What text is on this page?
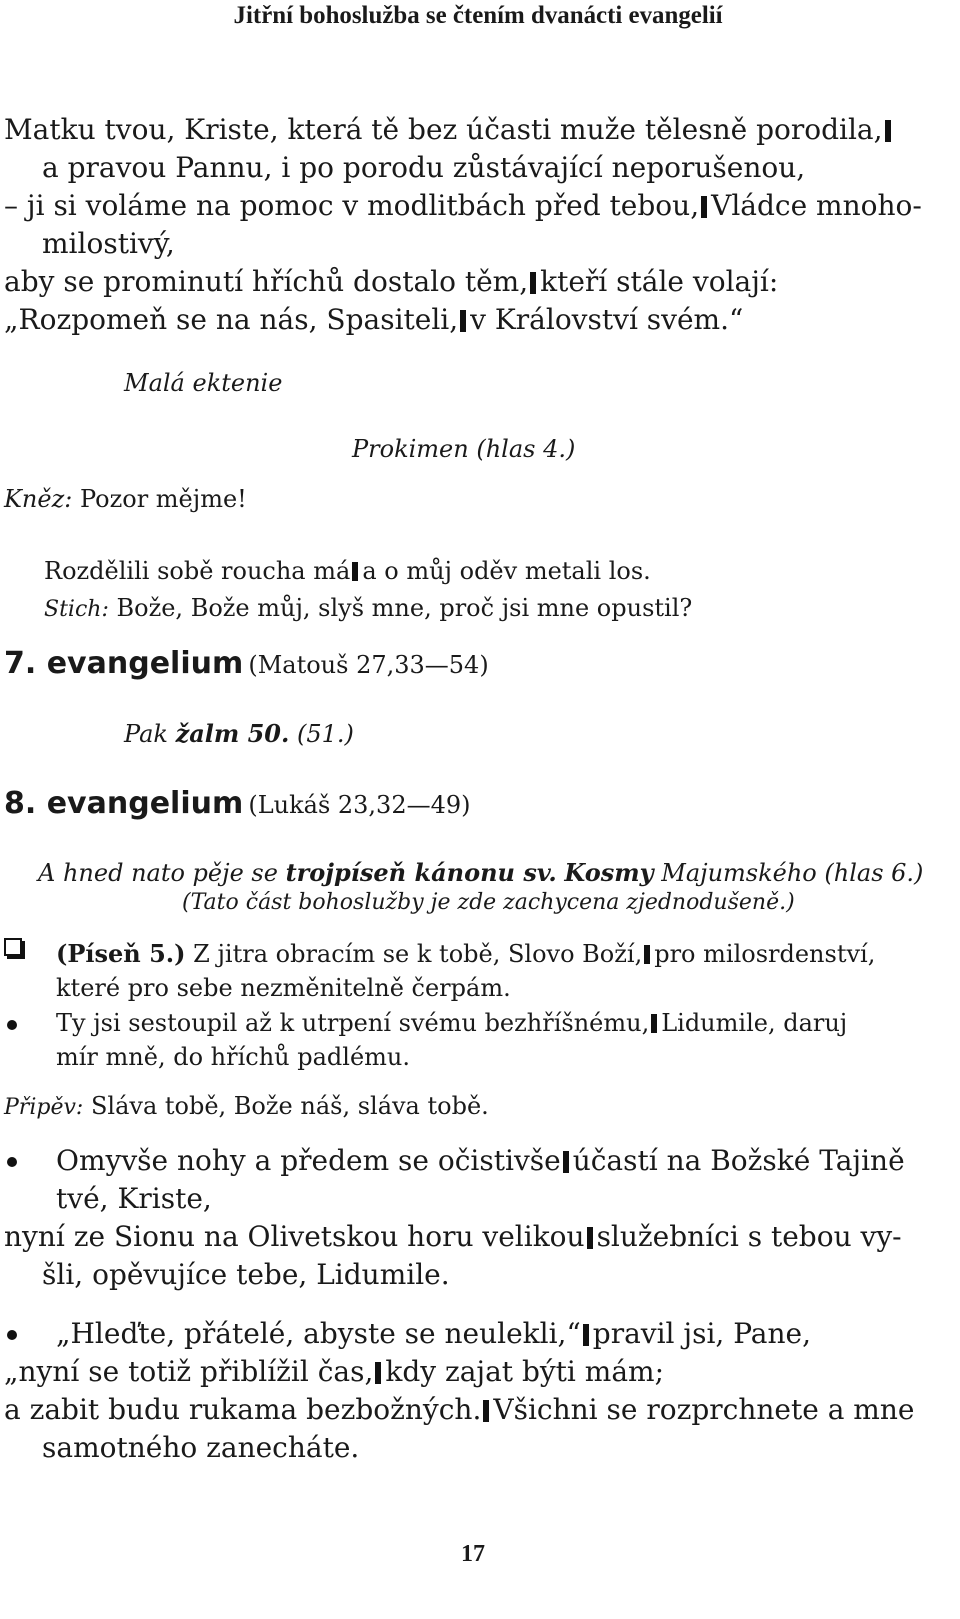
Jitřní bohoslužba se čtením dvanácti evangelií
Matku tvou, Kriste, která tě bez účasti muže tělesně porodila,
a pravou Pannu, i po porodu zůstávající neporušenou,
– ji si voláme na pomoc v modlitbách před tebou, Vládce mnoho-
milostivý,
aby se prominutí hříchů dostalo těm, kteří stále volají:
„Rozpomeň se na nás, Spasiteli, v Království svém.“
Malá ektenie
Prokimen (hlas 4.)
Kněz: Pozor mějme!
Rozdělili sobě roucha má a o můj oděv metali los.
Stich: Bože, Bože můj, slyš mne, proč jsi mne opustil?
7. evangelium (Matouš 27,33—54)
Pak žalm 50. (51.)
8. evangelium (Lukáš 23,32—49)
A hned nato pěje se trojpíseň kánonu sv. Kosmy Majumského (hlas 6.)
(Tato část bohoslužby je zde zachycena zjednodušeně.)
(Píseň 5.) Z jitra obracím se k tobě, Slovo Boží, pro milosrdenství,
které pro sebe nezměnitelně čerpám.
Ty jsi sestoupil až k utrpení svému bezhříšnému, Lidumile, daruj
mír mně, do hříchů padlému.
Připěv: Sláva tobě, Bože náš, sláva tobě.
Omyvše nohy a předem se očistivše účastí na Božské Tajině
tvé, Kriste,
nyní ze Sionu na Olivetskou horu velikou služebníci s tebou vy-
šli, opěvujíce tebe, Lidumile.
„Hleďte, přátelé, abyste se neulekli,“ pravil jsi, Pane,
„nyní se totiž přiblížil čas, kdy zajat býti mám;
a zabit budu rukama bezbožných. Všichni se rozprchnete a mne
samotného zanecháte.
17
